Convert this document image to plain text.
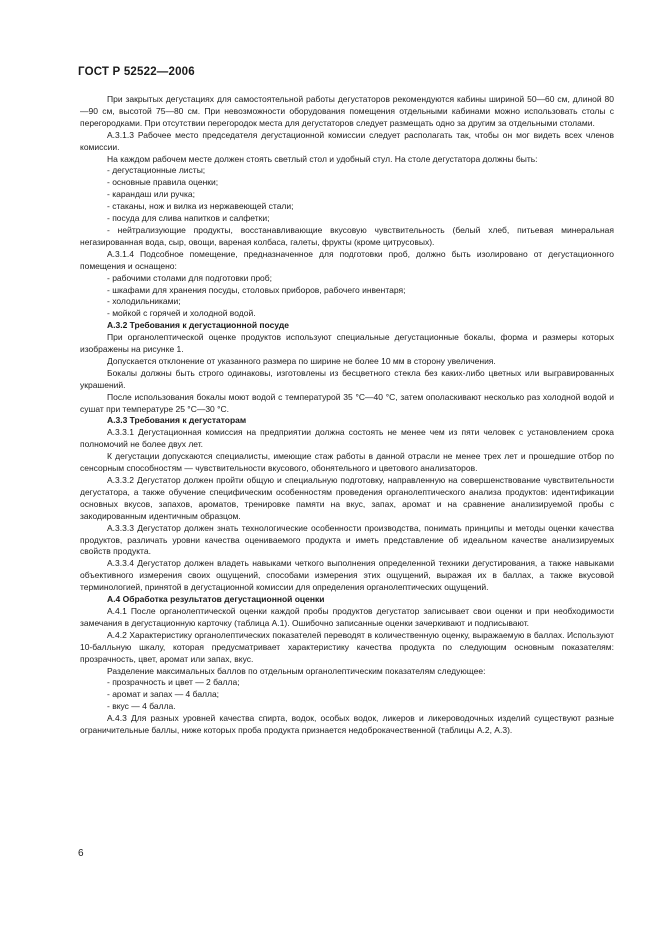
ГОСТ Р 52522—2006
При закрытых дегустациях для самостоятельной работы дегустаторов рекомендуются кабины шириной 50—60 см, длиной 80—90 см, высотой 75—80 см. При невозможности оборудования помещения отдельными кабинами можно использовать столы с перегородками. При отсутствии перегородок места для дегустаторов следует размещать одно за другим за отдельными столами.
А.3.1.3 Рабочее место председателя дегустационной комиссии следует располагать так, чтобы он мог видеть всех членов комиссии.
На каждом рабочем месте должен стоять светлый стол и удобный стул. На столе дегустатора должны быть:
- дегустационные листы;
- основные правила оценки;
- карандаш или ручка;
- стаканы, нож и вилка из нержавеющей стали;
- посуда для слива напитков и салфетки;
- нейтрализующие продукты, восстанавливающие вкусовую чувствительность (белый хлеб, питьевая минеральная негазированная вода, сыр, овощи, вареная колбаса, галеты, фрукты (кроме цитрусовых).
А.3.1.4 Подсобное помещение, предназначенное для подготовки проб, должно быть изолировано от дегустационного помещения и оснащено:
- рабочими столами для подготовки проб;
- шкафами для хранения посуды, столовых приборов, рабочего инвентаря;
- холодильниками;
- мойкой с горячей и холодной водой.
А.3.2 Требования к дегустационной посуде
При органолептической оценке продуктов используют специальные дегустационные бокалы, форма и размеры которых изображены на рисунке 1.
Допускается отклонение от указанного размера по ширине не более 10 мм в сторону увеличения.
Бокалы должны быть строго одинаковы, изготовлены из бесцветного стекла без каких-либо цветных или выгравированных украшений.
После использования бокалы моют водой с температурой 35 °C—40 °C, затем ополаскивают несколько раз холодной водой и сушат при температуре 25 °C—30 °C.
А.3.3 Требования к дегустаторам
А.3.3.1 Дегустационная комиссия на предприятии должна состоять не менее чем из пяти человек с установлением срока полномочий не более двух лет.
К дегустации допускаются специалисты, имеющие стаж работы в данной отрасли не менее трех лет и прошедшие отбор по сенсорным способностям — чувствительности вкусового, обонятельного и цветового анализаторов.
А.3.3.2 Дегустатор должен пройти общую и специальную подготовку, направленную на совершенствование чувствительности дегустатора, а также обучение специфическим особенностям проведения органолептического анализа продуктов: идентификации основных вкусов, запахов, ароматов, тренировке памяти на вкус, запах, аромат и на сравнение анализируемой пробы с закодированным идентичным образцом.
А.3.3.3 Дегустатор должен знать технологические особенности производства, понимать принципы и методы оценки качества продуктов, различать уровни качества оцениваемого продукта и иметь представление об идеальном качестве анализируемых свойств продукта.
А.3.3.4 Дегустатор должен владеть навыками четкого выполнения определенной техники дегустирования, а также навыками объективного измерения своих ощущений, способами измерения этих ощущений, выражая их в баллах, а также вкусовой терминологией, принятой в дегустационной комиссии для определения органолептических ощущений.
А.4 Обработка результатов дегустационной оценки
А.4.1 После органолептической оценки каждой пробы продуктов дегустатор записывает свои оценки и при необходимости замечания в дегустационную карточку (таблица А.1). Ошибочно записанные оценки зачеркивают и подписывают.
А.4.2 Характеристику органолептических показателей переводят в количественную оценку, выражаемую в баллах. Используют 10-балльную шкалу, которая предусматривает характеристику качества продукта по следующим основным показателям: прозрачность, цвет, аромат или запах, вкус.
Разделение максимальных баллов по отдельным органолептическим показателям следующее:
- прозрачность и цвет — 2 балла;
- аромат и запах — 4 балла;
- вкус — 4 балла.
А.4.3 Для разных уровней качества спирта, водок, особых водок, ликеров и ликероводочных изделий существуют разные ограничительные баллы, ниже которых проба продукта признается недоброкачественной (таблицы А.2, А.3).
6
